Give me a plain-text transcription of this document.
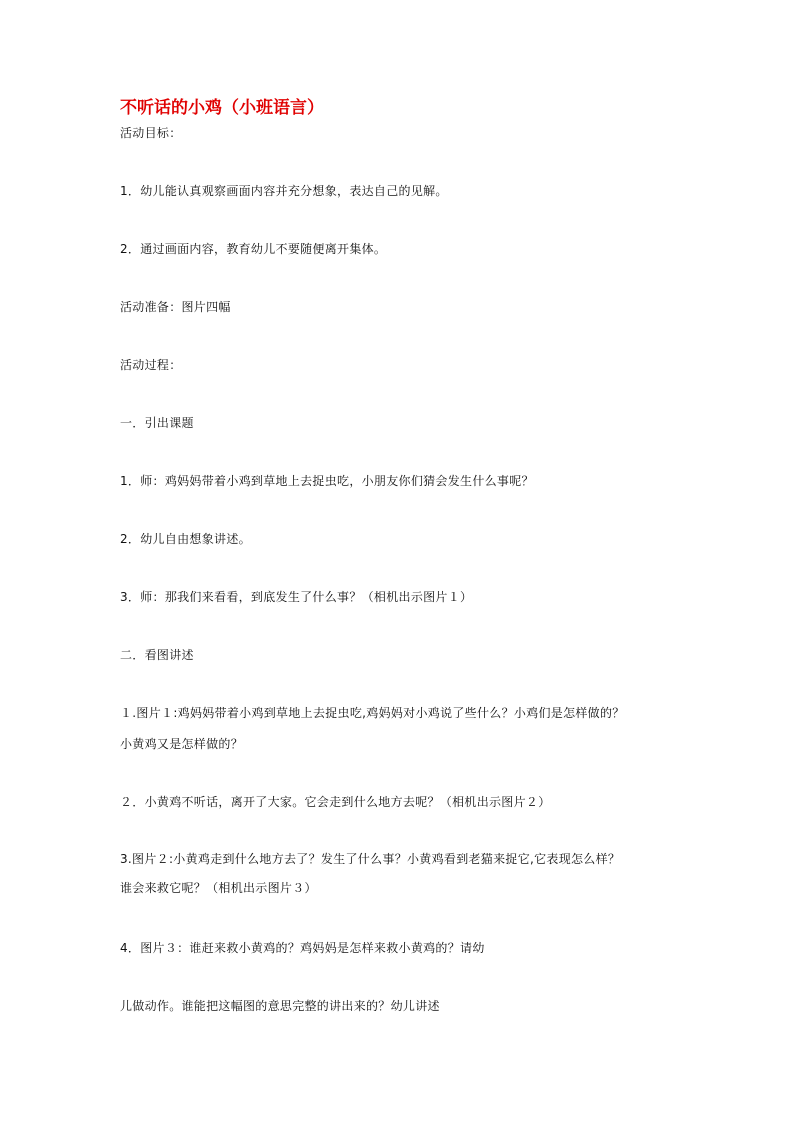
不听话的小鸡（小班语言）
活动目标：
1．幼儿能认真观察画面内容并充分想象，表达自己的见解。
2．通过画面内容，教育幼儿不要随便离开集体。
活动准备：图片四幅
活动过程：
一．引出课题
1．师：鸡妈妈带着小鸡到草地上去捉虫吃，小朋友你们猜会发生什么事呢？
2．幼儿自由想象讲述。
3．师：那我们来看看，到底发生了什么事？（相机出示图片１）
二．看图讲述
１.图片１:鸡妈妈带着小鸡到草地上去捉虫吃,鸡妈妈对小鸡说了些什么？小鸡们是怎样做的？
小黄鸡又是怎样做的？
２．小黄鸡不听话，离开了大家。它会走到什么地方去呢？（相机出示图片２）
3.图片２:小黄鸡走到什么地方去了？发生了什么事？小黄鸡看到老猫来捉它,它表现怎么样？
谁会来救它呢？（相机出示图片３）
4．图片３：谁赶来救小黄鸡的？鸡妈妈是怎样来救小黄鸡的？请幼
儿做动作。谁能把这幅图的意思完整的讲出来的？幼儿讲述
